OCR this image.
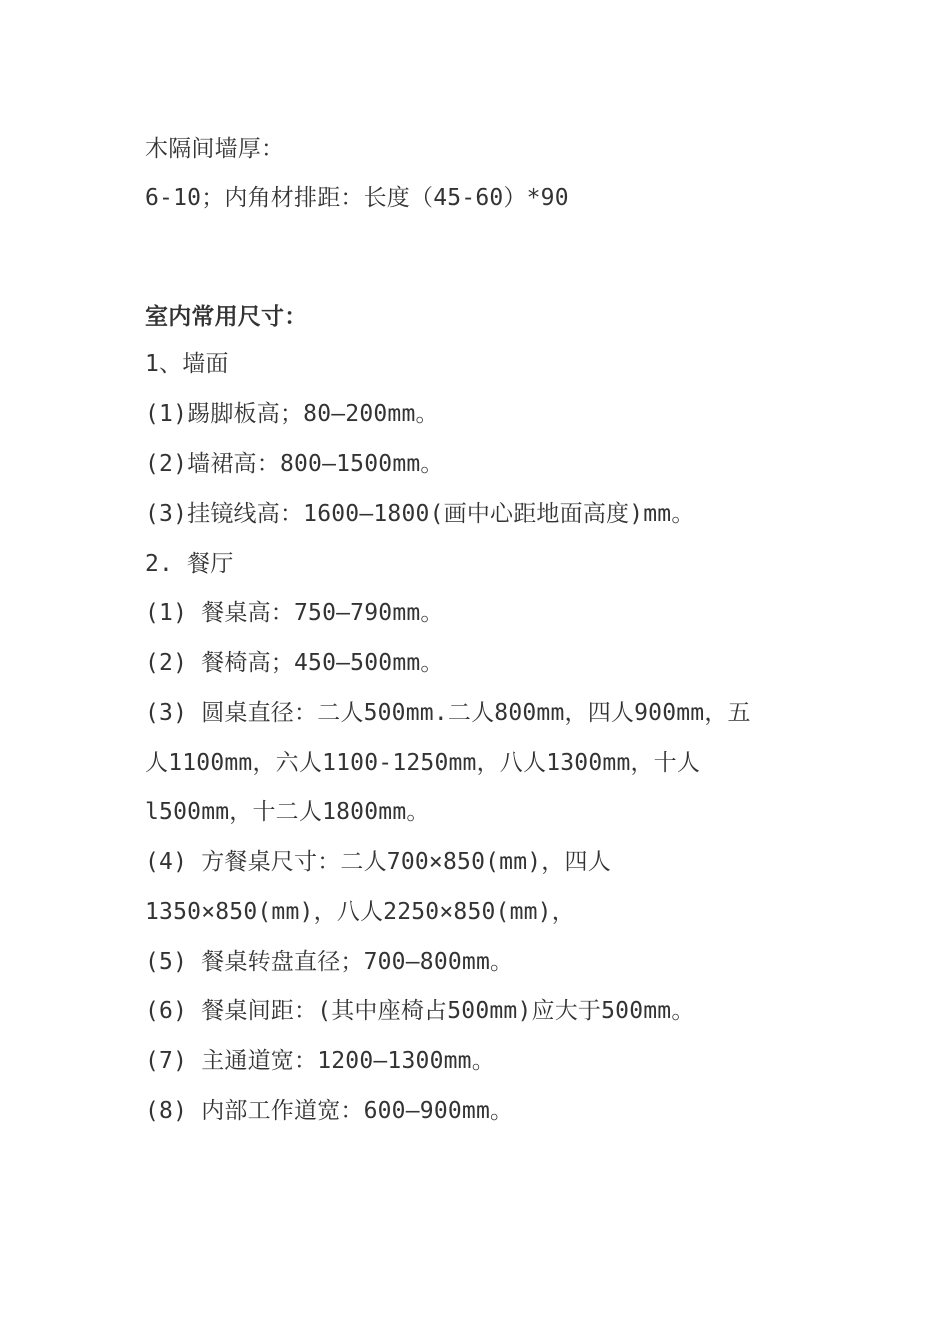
木隔间墙厚：
6-10；内角材排距：长度（45-60）*90
室内常用尺寸：
1、墙面
(1)踢脚板高；80—200mm。
(2)墙裙高：800—1500mm。
(3)挂镜线高：1600—1800(画中心距地面高度)mm。
2. 餐厅
(1) 餐桌高：750—790mm。
(2) 餐椅高；450—500mm。
(3) 圆桌直径：二人500mm.二人800mm，四人900mm，五
人1100mm，六人1100-1250mm，八人1300mm，十人
l500mm，十二人1800mm。
(4) 方餐桌尺寸：二人700×850(mm)，四人
1350×850(mm)，八人2250×850(mm)，
(5) 餐桌转盘直径；700—800mm。
(6) 餐桌间距：(其中座椅占500mm)应大于500mm。
(7) 主通道宽：1200—1300mm。
(8) 内部工作道宽：600—900mm。
